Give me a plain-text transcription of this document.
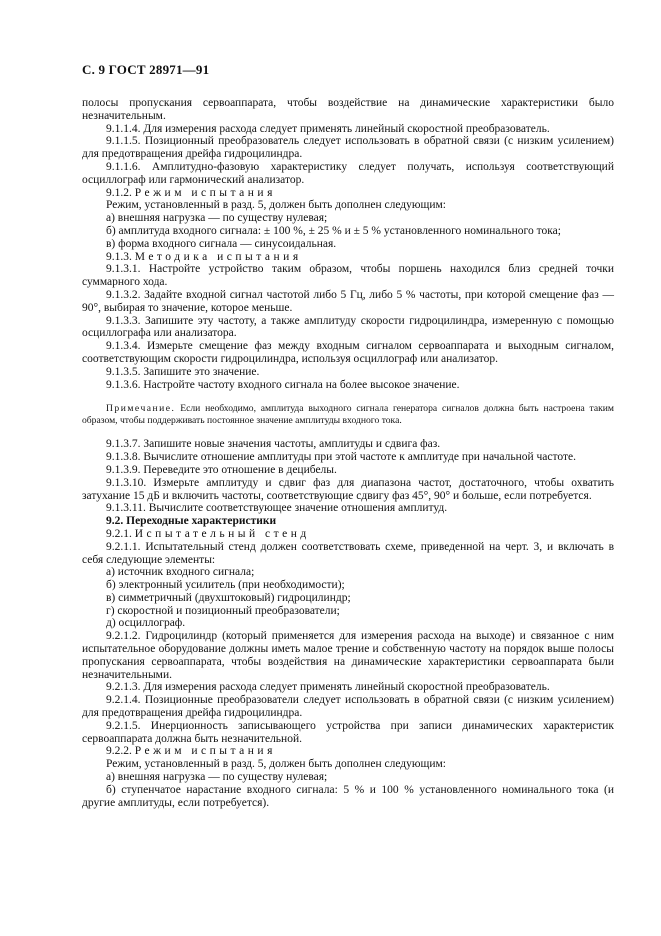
С. 9 ГОСТ 28971—91
полосы пропускания сервоаппарата, чтобы воздействие на динамические характеристики было незначительным.
9.1.1.4. Для измерения расхода следует применять линейный скоростной преобразователь.
9.1.1.5. Позиционный преобразователь следует использовать в обратной связи (с низким усилением) для предотвращения дрейфа гидроцилиндра.
9.1.1.6. Амплитудно-фазовую характеристику следует получать, используя соответствующий осциллограф или гармонический анализатор.
9.1.2. Режим испытания
Режим, установленный в разд. 5, должен быть дополнен следующим:
а) внешняя нагрузка — по существу нулевая;
б) амплитуда входного сигнала: ± 100 %, ± 25 % и ± 5 % установленного номинального тока;
в) форма входного сигнала — синусоидальная.
9.1.3. Методика испытания
9.1.3.1. Настройте устройство таким образом, чтобы поршень находился близ средней точки суммарного хода.
9.1.3.2. Задайте входной сигнал частотой либо 5 Гц, либо 5 % частоты, при которой смещение фаз — 90°, выбирая то значение, которое меньше.
9.1.3.3. Запишите эту частоту, а также амплитуду скорости гидроцилиндра, измеренную с помощью осциллографа или анализатора.
9.1.3.4. Измерьте смещение фаз между входным сигналом сервоаппарата и выходным сигналом, соответствующим скорости гидроцилиндра, используя осциллограф или анализатор.
9.1.3.5. Запишите это значение.
9.1.3.6. Настройте частоту входного сигнала на более высокое значение.
Примечание. Если необходимо, амплитуда выходного сигнала генератора сигналов должна быть настроена таким образом, чтобы поддерживать постоянное значение амплитуды входного тока.
9.1.3.7. Запишите новые значения частоты, амплитуды и сдвига фаз.
9.1.3.8. Вычислите отношение амплитуды при этой частоте к амплитуде при начальной частоте.
9.1.3.9. Переведите это отношение в децибелы.
9.1.3.10. Измерьте амплитуду и сдвиг фаз для диапазона частот, достаточного, чтобы охватить затухание 15 дБ и включить частоты, соответствующие сдвигу фаз 45°, 90° и больше, если потребуется.
9.1.3.11. Вычислите соответствующее значение отношения амплитуд.
9.2. Переходные характеристики
9.2.1. Испытательный стенд
9.2.1.1. Испытательный стенд должен соответствовать схеме, приведенной на черт. 3, и включать в себя следующие элементы:
а) источник входного сигнала;
б) электронный усилитель (при необходимости);
в) симметричный (двухштоковый) гидроцилиндр;
г) скоростной и позиционный преобразователи;
д) осциллограф.
9.2.1.2. Гидроцилиндр (который применяется для измерения расхода на выходе) и связанное с ним испытательное оборудование должны иметь малое трение и собственную частоту на порядок выше полосы пропускания сервоаппарата, чтобы воздействия на динамические характеристики сервоаппарата были незначительными.
9.2.1.3. Для измерения расхода следует применять линейный скоростной преобразователь.
9.2.1.4. Позиционные преобразователи следует использовать в обратной связи (с низким усилением) для предотвращения дрейфа гидроцилиндра.
9.2.1.5. Инерционность записывающего устройства при записи динамических характеристик сервоаппарата должна быть незначительной.
9.2.2. Режим испытания
Режим, установленный в разд. 5, должен быть дополнен следующим:
а) внешняя нагрузка — по существу нулевая;
б) ступенчатое нарастание входного сигнала: 5 % и 100 % установленного номинального тока (и другие амплитуды, если потребуется).
